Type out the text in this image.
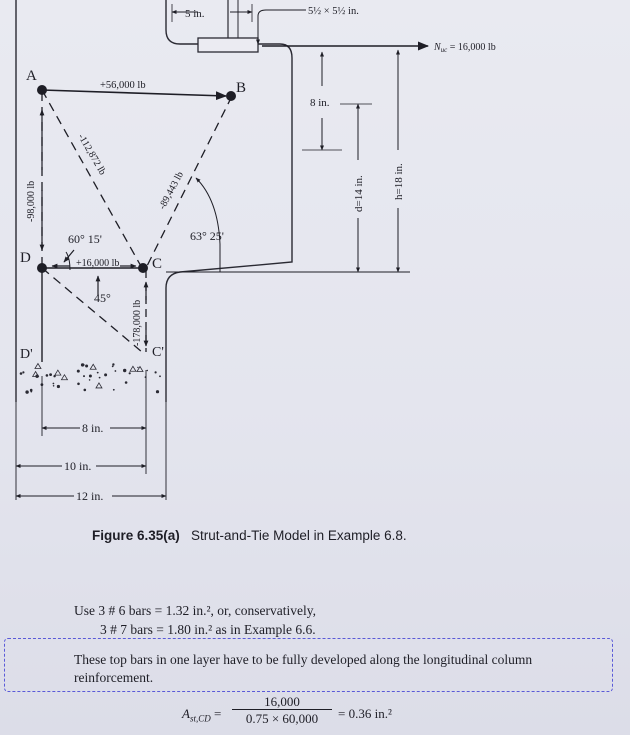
5 in.	5½ × 5½ in.
$N_{uc} = 16,000$ lb
8 in.
d=14 in.	h=18 in.
A
B
C
D
D'	C'
+56,000 lb
-112,872 lb
-89,443 lb
-98,000 lb
+16,000 lb
-178,000 lb
60° 15'	63° 25'
45°
8 in.
10 in.
12 in.
Figure 6.35(a) Strut-and-Tie Model in Example 6.8.
Use 3 # 6 bars = 1.32 in.², or, conservatively,
3 # 7 bars = 1.80 in.² as in Example 6.6.
These top bars in one layer have to be fully developed along the longitudinal column reinforcement.
$A_{st,CD} = \frac{16,000}{0.75 \times 60,000} = 0.36$ in.²
